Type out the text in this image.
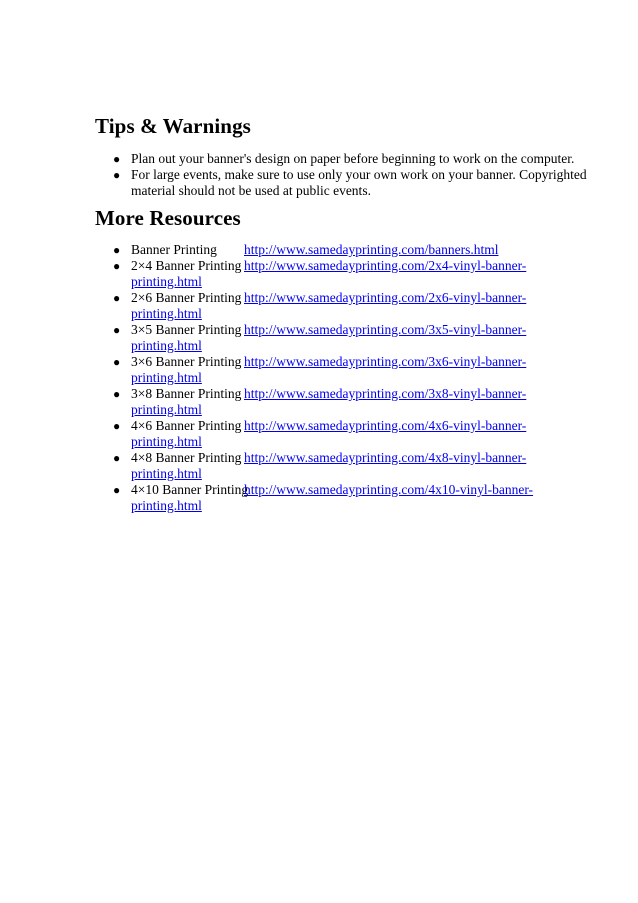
Tips & Warnings
● Plan out your banner's design on paper before beginning to work on the computer.
● For large events, make sure to use only your own work on your banner. Copyrighted material should not be used at public events.
More Resources
● Banner Printing http://www.samedayprinting.com/banners.html
● 2×4 Banner Printing http://www.samedayprinting.com/2x4-vinyl-banner-
printing.html
● 2×6 Banner Printing http://www.samedayprinting.com/2x6-vinyl-banner-
printing.html
● 3×5 Banner Printing http://www.samedayprinting.com/3x5-vinyl-banner-
printing.html
● 3×6 Banner Printing http://www.samedayprinting.com/3x6-vinyl-banner-
printing.html
● 3×8 Banner Printing http://www.samedayprinting.com/3x8-vinyl-banner-
printing.html
● 4×6 Banner Printing http://www.samedayprinting.com/4x6-vinyl-banner-
printing.html
● 4×8 Banner Printing http://www.samedayprinting.com/4x8-vinyl-banner-
printing.html
● 4×10 Banner Printinghttp://www.samedayprinting.com/4x10-vinyl-banner-
printing.html
